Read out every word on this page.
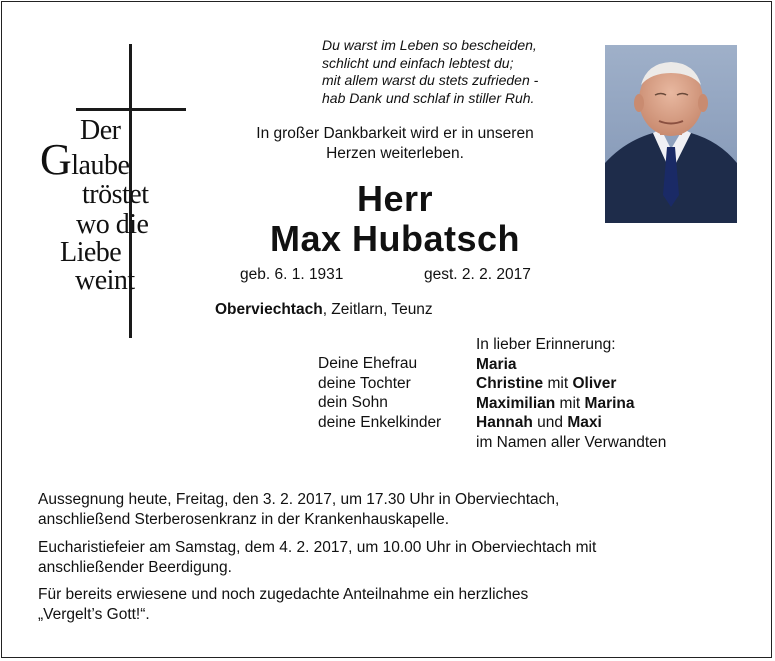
Der
Glaube
tröstet
wo die
Liebe
weint
Du warst im Leben so bescheiden,
schlicht und einfach lebtest du;
mit allem warst du stets zufrieden -
hab Dank und schlaf in stiller Ruh.
In großer Dankbarkeit wird er in unseren
Herzen weiterleben.
Herr
Max Hubatsch
geb. 6. 1. 1931	gest. 2. 2. 2017
Oberviechtach, Zeitlarn, Teunz
Deine Ehefrau
deine Tochter
dein Sohn
deine Enkelkinder
In lieber Erinnerung:
Maria
Christine mit Oliver
Maximilian mit Marina
Hannah und Maxi
im Namen aller Verwandten
Aussegnung heute, Freitag, den 3. 2. 2017, um 17.30 Uhr in Oberviechtach,
anschließend Sterberosenkranz in der Krankenhauskapelle.
Eucharistiefeier am Samstag, dem 4. 2. 2017, um 10.00 Uhr in Oberviechtach mit
anschließender Beerdigung.
Für bereits erwiesene und noch zugedachte Anteilnahme ein herzliches
„Vergelt’s Gott!“.
